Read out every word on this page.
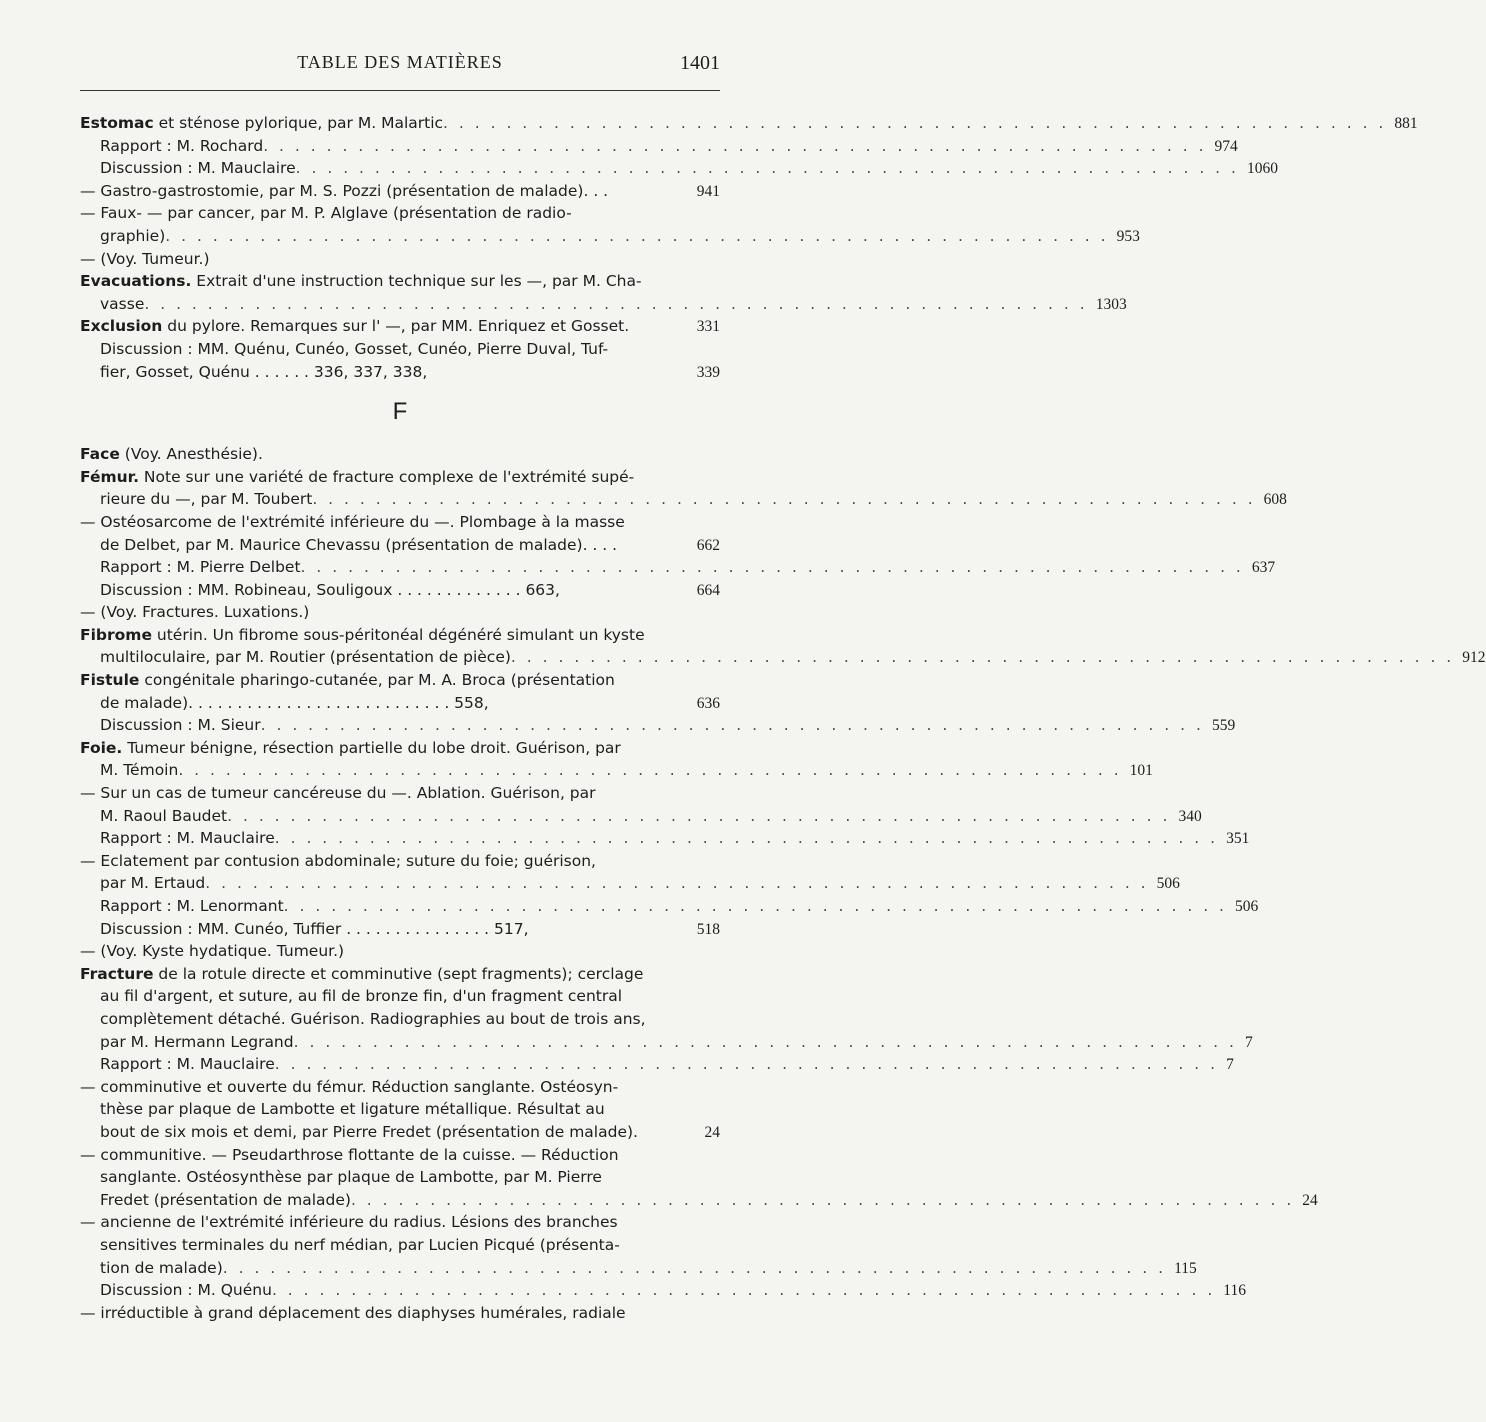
TABLE DES MATIÈRES	1401
Estomac et sténose pylorique, par M. Malartic . . . . . . . . . . . . . . . . . . . . . . . . . . . . . . . . . . . . . . . . . . . . . . . . . . . . . . . . . . . . 881
Rapport : M. Rochard . . . . . . . . . . . . . . . . . . . . . . . . . . . . . . . . . . . . . . . . . . . . . . . . . . . . . . . . . . . . 974
Discussion : M. Mauclaire . . . . . . . . . . . . . . . . . . . . . . . . . . . . . . . . . . . . . . . . . . . . . . . . . . . . . . . . . . . . 1060
— Gastro-gastrostomie, par M. S. Pozzi (présentation de malade). . .	941
— Faux- — par cancer, par M. P. Alglave (présentation de radio-
graphie) . . . . . . . . . . . . . . . . . . . . . . . . . . . . . . . . . . . . . . . . . . . . . . . . . . . . . . . . . . . . 953
— (Voy. Tumeur.)
Evacuations. Extrait d'une instruction technique sur les —, par M. Cha-
vasse . . . . . . . . . . . . . . . . . . . . . . . . . . . . . . . . . . . . . . . . . . . . . . . . . . . . . . . . . . . . 1303
Exclusion du pylore. Remarques sur l' —, par MM. Enriquez et Gosset.	331
Discussion : MM. Quénu, Cunéo, Gosset, Cunéo, Pierre Duval, Tuf-
fier, Gosset, Quénu . . . . . . 336, 337, 338,	339
F
Face (Voy. Anesthésie).
Fémur. Note sur une variété de fracture complexe de l'extrémité supé-
rieure du —, par M. Toubert . . . . . . . . . . . . . . . . . . . . . . . . . . . . . . . . . . . . . . . . . . . . . . . . . . . . . . . . . . . . 608
— Ostéosarcome de l'extrémité inférieure du —. Plombage à la masse
de Delbet, par M. Maurice Chevassu (présentation de malade). . . .	662
Rapport : M. Pierre Delbet . . . . . . . . . . . . . . . . . . . . . . . . . . . . . . . . . . . . . . . . . . . . . . . . . . . . . . . . . . . . 637
Discussion : MM. Robineau, Souligoux . . . . . . . . . . . . . 663,	664
— (Voy. Fractures. Luxations.)
Fibrome utérin. Un fibrome sous-péritonéal dégénéré simulant un kyste
multiloculaire, par M. Routier (présentation de pièce) . . . . . . . . . . . . . . . . . . . . . . . . . . . . . . . . . . . . . . . . . . . . . . . . . . . . . . . . . . . . 912
Fistule congénitale pharingo-cutanée, par M. A. Broca (présentation
de malade). . . . . . . . . . . . . . . . . . . . . . . . . . . 558,	636
Discussion : M. Sieur . . . . . . . . . . . . . . . . . . . . . . . . . . . . . . . . . . . . . . . . . . . . . . . . . . . . . . . . . . . . 559
Foie. Tumeur bénigne, résection partielle du lobe droit. Guérison, par
M. Témoin . . . . . . . . . . . . . . . . . . . . . . . . . . . . . . . . . . . . . . . . . . . . . . . . . . . . . . . . . . . . 101
— Sur un cas de tumeur cancéreuse du —. Ablation. Guérison, par
M. Raoul Baudet . . . . . . . . . . . . . . . . . . . . . . . . . . . . . . . . . . . . . . . . . . . . . . . . . . . . . . . . . . . . 340
Rapport : M. Mauclaire . . . . . . . . . . . . . . . . . . . . . . . . . . . . . . . . . . . . . . . . . . . . . . . . . . . . . . . . . . . . 351
— Eclatement par contusion abdominale; suture du foie; guérison,
par M. Ertaud . . . . . . . . . . . . . . . . . . . . . . . . . . . . . . . . . . . . . . . . . . . . . . . . . . . . . . . . . . . . 506
Rapport : M. Lenormant . . . . . . . . . . . . . . . . . . . . . . . . . . . . . . . . . . . . . . . . . . . . . . . . . . . . . . . . . . . . 506
Discussion : MM. Cunéo, Tuffier . . . . . . . . . . . . . . . 517,	518
— (Voy. Kyste hydatique. Tumeur.)
Fracture de la rotule directe et comminutive (sept fragments); cerclage
au fil d'argent, et suture, au fil de bronze fin, d'un fragment central
complètement détaché. Guérison. Radiographies au bout de trois ans,
par M. Hermann Legrand . . . . . . . . . . . . . . . . . . . . . . . . . . . . . . . . . . . . . . . . . . . . . . . . . . . . . . . . . . . . 7
Rapport : M. Mauclaire . . . . . . . . . . . . . . . . . . . . . . . . . . . . . . . . . . . . . . . . . . . . . . . . . . . . . . . . . . . . 7
— comminutive et ouverte du fémur. Réduction sanglante. Ostéosyn-
thèse par plaque de Lambotte et ligature métallique. Résultat au
bout de six mois et demi, par Pierre Fredet (présentation de malade).	24
— communitive. — Pseudarthrose flottante de la cuisse. — Réduction
sanglante. Ostéosynthèse par plaque de Lambotte, par M. Pierre
Fredet (présentation de malade) . . . . . . . . . . . . . . . . . . . . . . . . . . . . . . . . . . . . . . . . . . . . . . . . . . . . . . . . . . . . 24
— ancienne de l'extrémité inférieure du radius. Lésions des branches
sensitives terminales du nerf médian, par Lucien Picqué (présenta-
tion de malade) . . . . . . . . . . . . . . . . . . . . . . . . . . . . . . . . . . . . . . . . . . . . . . . . . . . . . . . . . . . . 115
Discussion : M. Quénu . . . . . . . . . . . . . . . . . . . . . . . . . . . . . . . . . . . . . . . . . . . . . . . . . . . . . . . . . . . . 116
— irréductible à grand déplacement des diaphyses humérales, radiale
